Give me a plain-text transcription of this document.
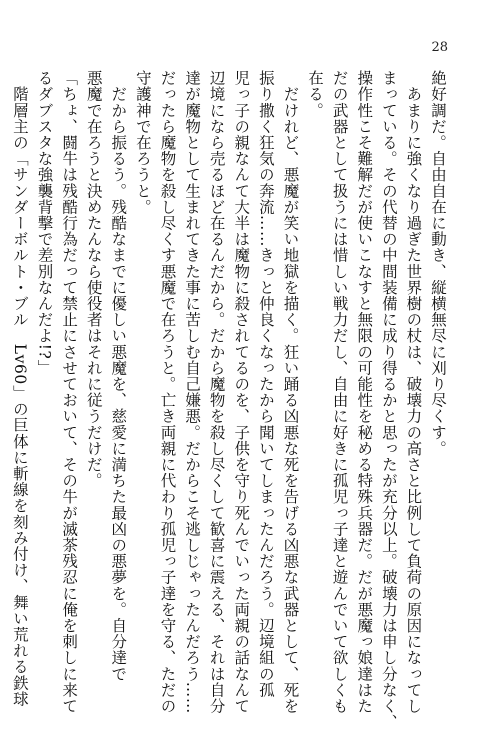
28
絶好調だ。自由自在に動き、縦横無尽に刈り尽くす。
　あまりに強くなり過ぎた世界樹の杖は、破壊力の高さと比例して負荷の原因になってし
まっている。その代替の中間装備に成り得るかと思ったが充分以上。破壊力は申し分なく、
操作性こそ難解だが使いこなすと無限の可能性を秘める特殊兵器だ。だが悪魔っ娘達はた
だの武器として扱うには惜しい戦力だし、自由に好きに孤児っ子達と遊んでいて欲しくも
在る。
　だけれど、悪魔が笑い地獄を描く。狂い踊る凶悪な死を告げる凶悪な武器として、死を
振り撒く狂気の奔流……きっと仲良くなったから聞いてしまったんだろう。辺境組の孤
児っ子の親なんて大半は魔物に殺されてるのを、子供を守り死んでいった両親の話なんて
辺境になら売るほど在るんだから。だから魔物を殺し尽くして歓喜に震える、それは自分
達が魔物として生まれてきた事に苦しむ自己嫌悪。だからこそ逃しじゃったんだろう……
だったら魔物を殺し尽くす悪魔で在ろうと。亡き両親に代わり孤児っ子達を守る、ただの
守護神で在ろうと。
　だから振るう。残酷なまでに優しい悪魔を、慈愛に満ちた最凶の悪夢を。自分達で
悪魔で在ろうと決めたんなら使役者はそれに従うだけだ。
「ちょ、闘牛は残酷行為だって禁止にさせておいて、その牛が滅茶残忍に俺を刺しに来て
るダブスタな強襲背撃で差別なんだよ!?」
　階層主の「サンダーボルト・ブル　Lv60」の巨体に斬線を刻み付け、舞い荒れる鉄球
